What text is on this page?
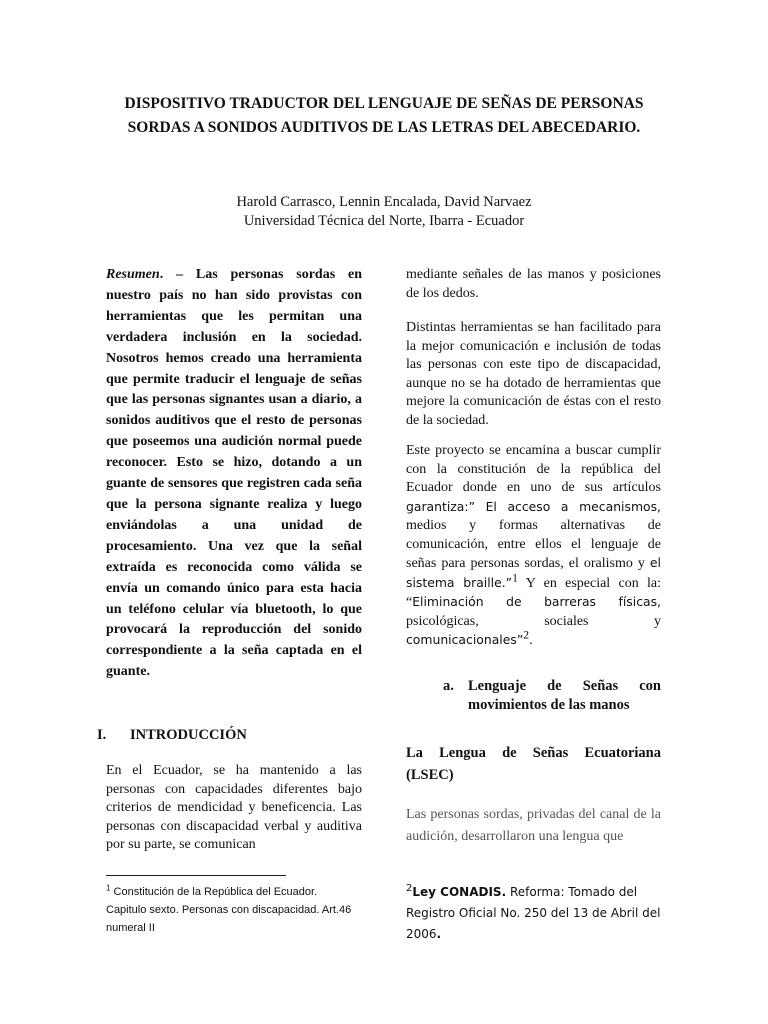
DISPOSITIVO TRADUCTOR DEL LENGUAJE DE SEÑAS DE PERSONAS SORDAS A SONIDOS AUDITIVOS DE LAS LETRAS DEL ABECEDARIO.
Harold Carrasco, Lennin Encalada, David Narvaez
Universidad Técnica del Norte, Ibarra - Ecuador
Resumen. – Las personas sordas en nuestro país no han sido provistas con herramientas que les permitan una verdadera inclusión en la sociedad. Nosotros hemos creado una herramienta que permite traducir el lenguaje de señas que las personas signantes usan a diario, a sonidos auditivos que el resto de personas que poseemos una audición normal puede reconocer. Esto se hizo, dotando a un guante de sensores que registren cada seña que la persona signante realiza y luego enviándolas a una unidad de procesamiento. Una vez que la señal extraída es reconocida como válida se envía un comando único para esta hacia un teléfono celular vía bluetooth, lo que provocará la reproducción del sonido correspondiente a la seña captada en el guante.
I.	INTRODUCCIÓN
En el Ecuador, se ha mantenido a las personas con capacidades diferentes bajo criterios de mendicidad y beneficencia. Las personas con discapacidad verbal y auditiva por su parte, se comunican
$^1$ Constitución de la República del Ecuador.
Capitulo sexto. Personas con discapacidad. Art.46
numeral II
mediante señales de las manos y posiciones de los dedos.
Distintas herramientas se han facilitado para la mejor comunicación e inclusión de todas las personas con este tipo de discapacidad, aunque no se ha dotado de herramientas que mejore la comunicación de éstas con el resto de la sociedad.
Este proyecto se encamina a buscar cumplir con la constitución de la república del Ecuador donde en uno de sus artículos garantiza:” El acceso a mecanismos, medios y formas alternativas de comunicación, entre ellos el lenguaje de señas para personas sordas, el oralismo y el sistema braille.”$^1$ Y en especial con la: “Eliminación de barreras físicas, psicológicas, sociales y comunicacionales”$^2$.
a. Lenguaje de Señas con movimientos de las manos
La Lengua de Señas Ecuatoriana (LSEC)
Las personas sordas, privadas del canal de la audición, desarrollaron una lengua que
$^2$Ley CONADIS. Reforma: Tomado del Registro Oficial No. 250 del 13 de Abril del 2006.
